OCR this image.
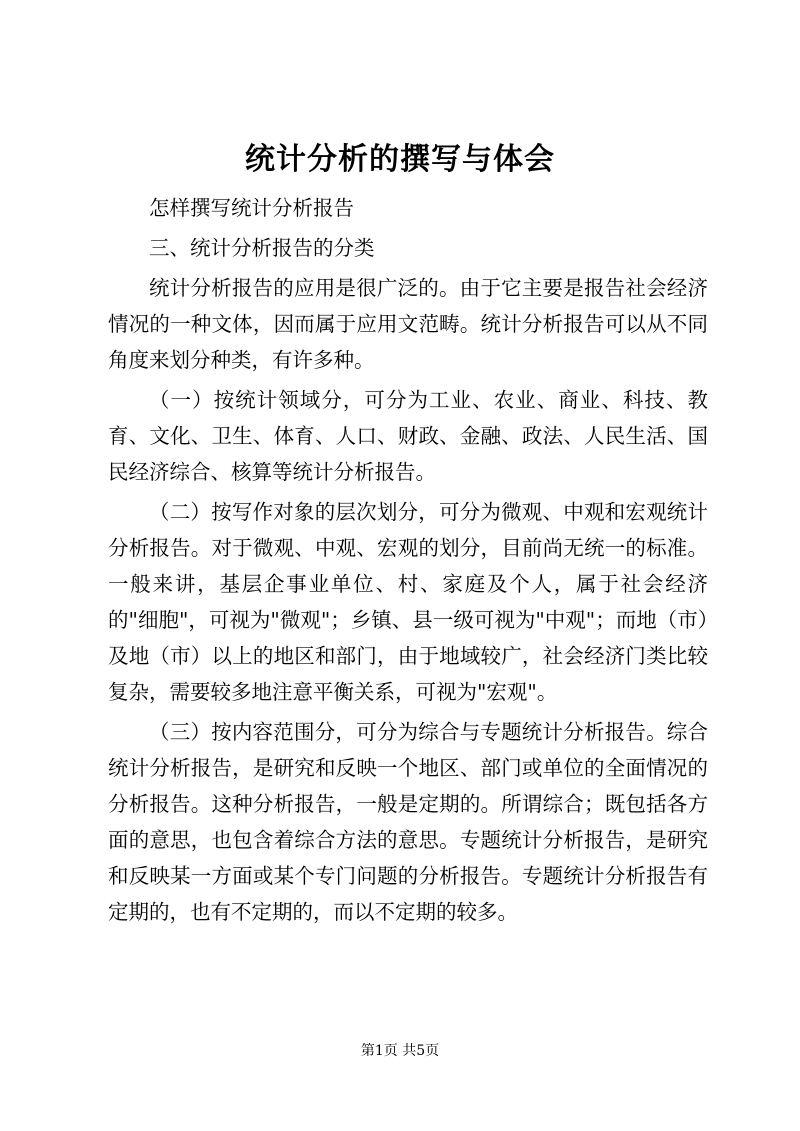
统计分析的撰写与体会

怎样撰写统计分析报告

三、统计分析报告的分类

统计分析报告的应用是很广泛的。由于它主要是报告社会经济情况的一种文体，因而属于应用文范畴。统计分析报告可以从不同角度来划分种类，有许多种。

（一）按统计领域分，可分为工业、农业、商业、科技、教育、文化、卫生、体育、人口、财政、金融、政法、人民生活、国民经济综合、核算等统计分析报告。

（二）按写作对象的层次划分，可分为微观、中观和宏观统计分析报告。对于微观、中观、宏观的划分，目前尚无统一的标准。一般来讲，基层企事业单位、村、家庭及个人，属于社会经济的"细胞"，可视为"微观"；乡镇、县一级可视为"中观"；而地（市）及地（市）以上的地区和部门，由于地域较广，社会经济门类比较复杂，需要较多地注意平衡关系，可视为"宏观"。

（三）按内容范围分，可分为综合与专题统计分析报告。综合统计分析报告，是研究和反映一个地区、部门或单位的全面情况的分析报告。这种分析报告，一般是定期的。所谓综合；既包括各方面的意思，也包含着综合方法的意思。专题统计分析报告，是研究和反映某一方面或某个专门问题的分析报告。专题统计分析报告有定期的，也有不定期的，而以不定期的较多。

第1页 共5页
